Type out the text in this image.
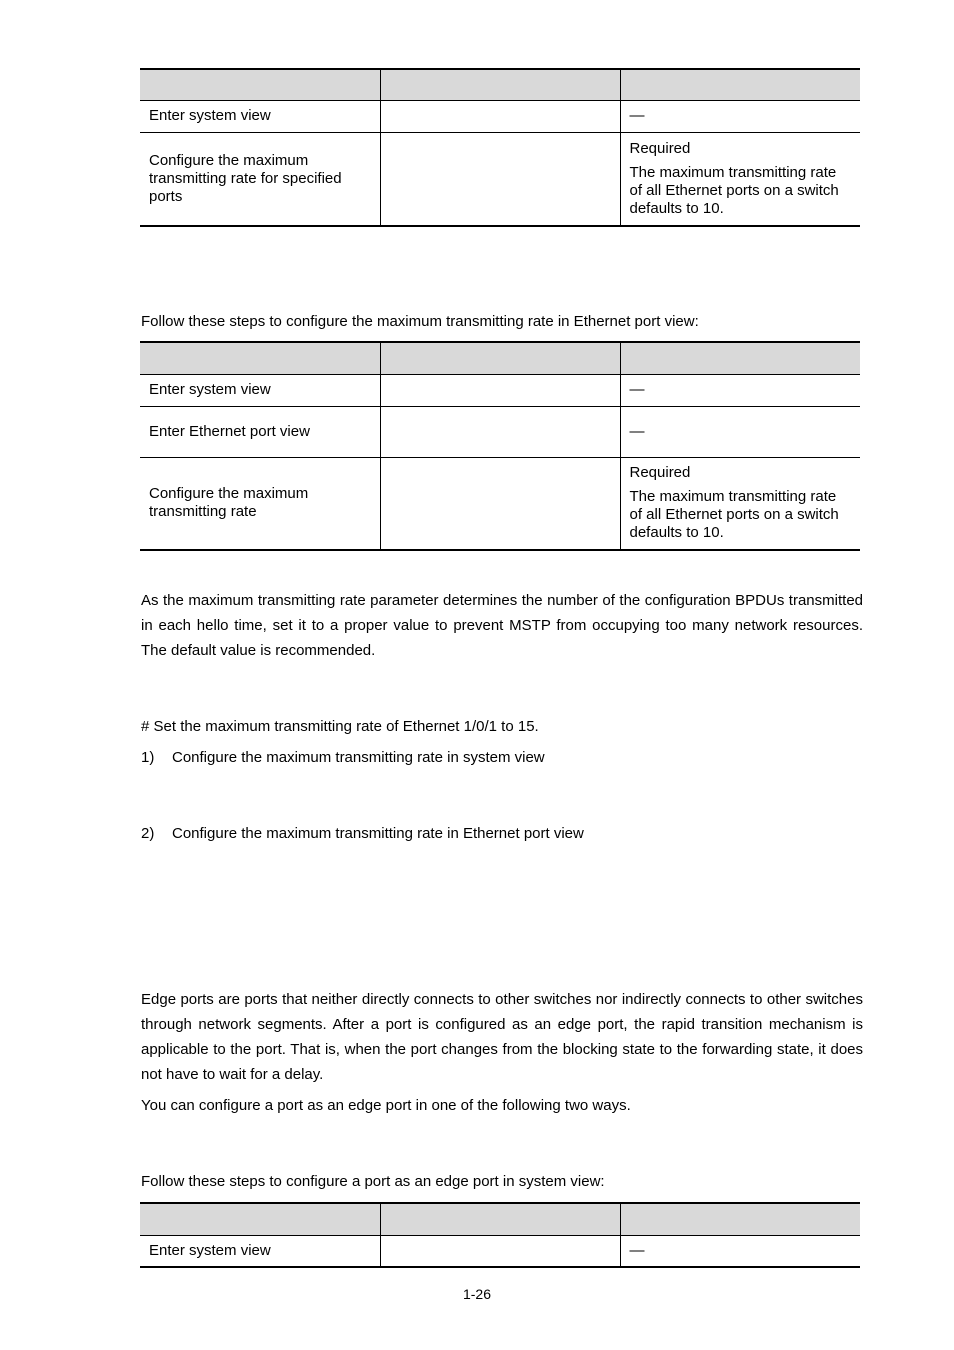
Enter system view		—
Configure the maximum transmitting rate for specified ports		Required

The maximum transmitting rate of all Ethernet ports on a switch defaults to 10.

Follow these steps to configure the maximum transmitting rate in Ethernet port view:

Enter system view		—
Enter Ethernet port view		—
Configure the maximum transmitting rate		Required

The maximum transmitting rate of all Ethernet ports on a switch defaults to 10.

As the maximum transmitting rate parameter determines the number of the configuration BPDUs transmitted in each hello time, set it to a proper value to prevent MSTP from occupying too many network resources. The default value is recommended.

# Set the maximum transmitting rate of Ethernet 1/0/1 to 15.

1) Configure the maximum transmitting rate in system view

2) Configure the maximum transmitting rate in Ethernet port view

Edge ports are ports that neither directly connects to other switches nor indirectly connects to other switches through network segments. After a port is configured as an edge port, the rapid transition mechanism is applicable to the port. That is, when the port changes from the blocking state to the forwarding state, it does not have to wait for a delay.

You can configure a port as an edge port in one of the following two ways.

Follow these steps to configure a port as an edge port in system view:

Enter system view		—
1-26
